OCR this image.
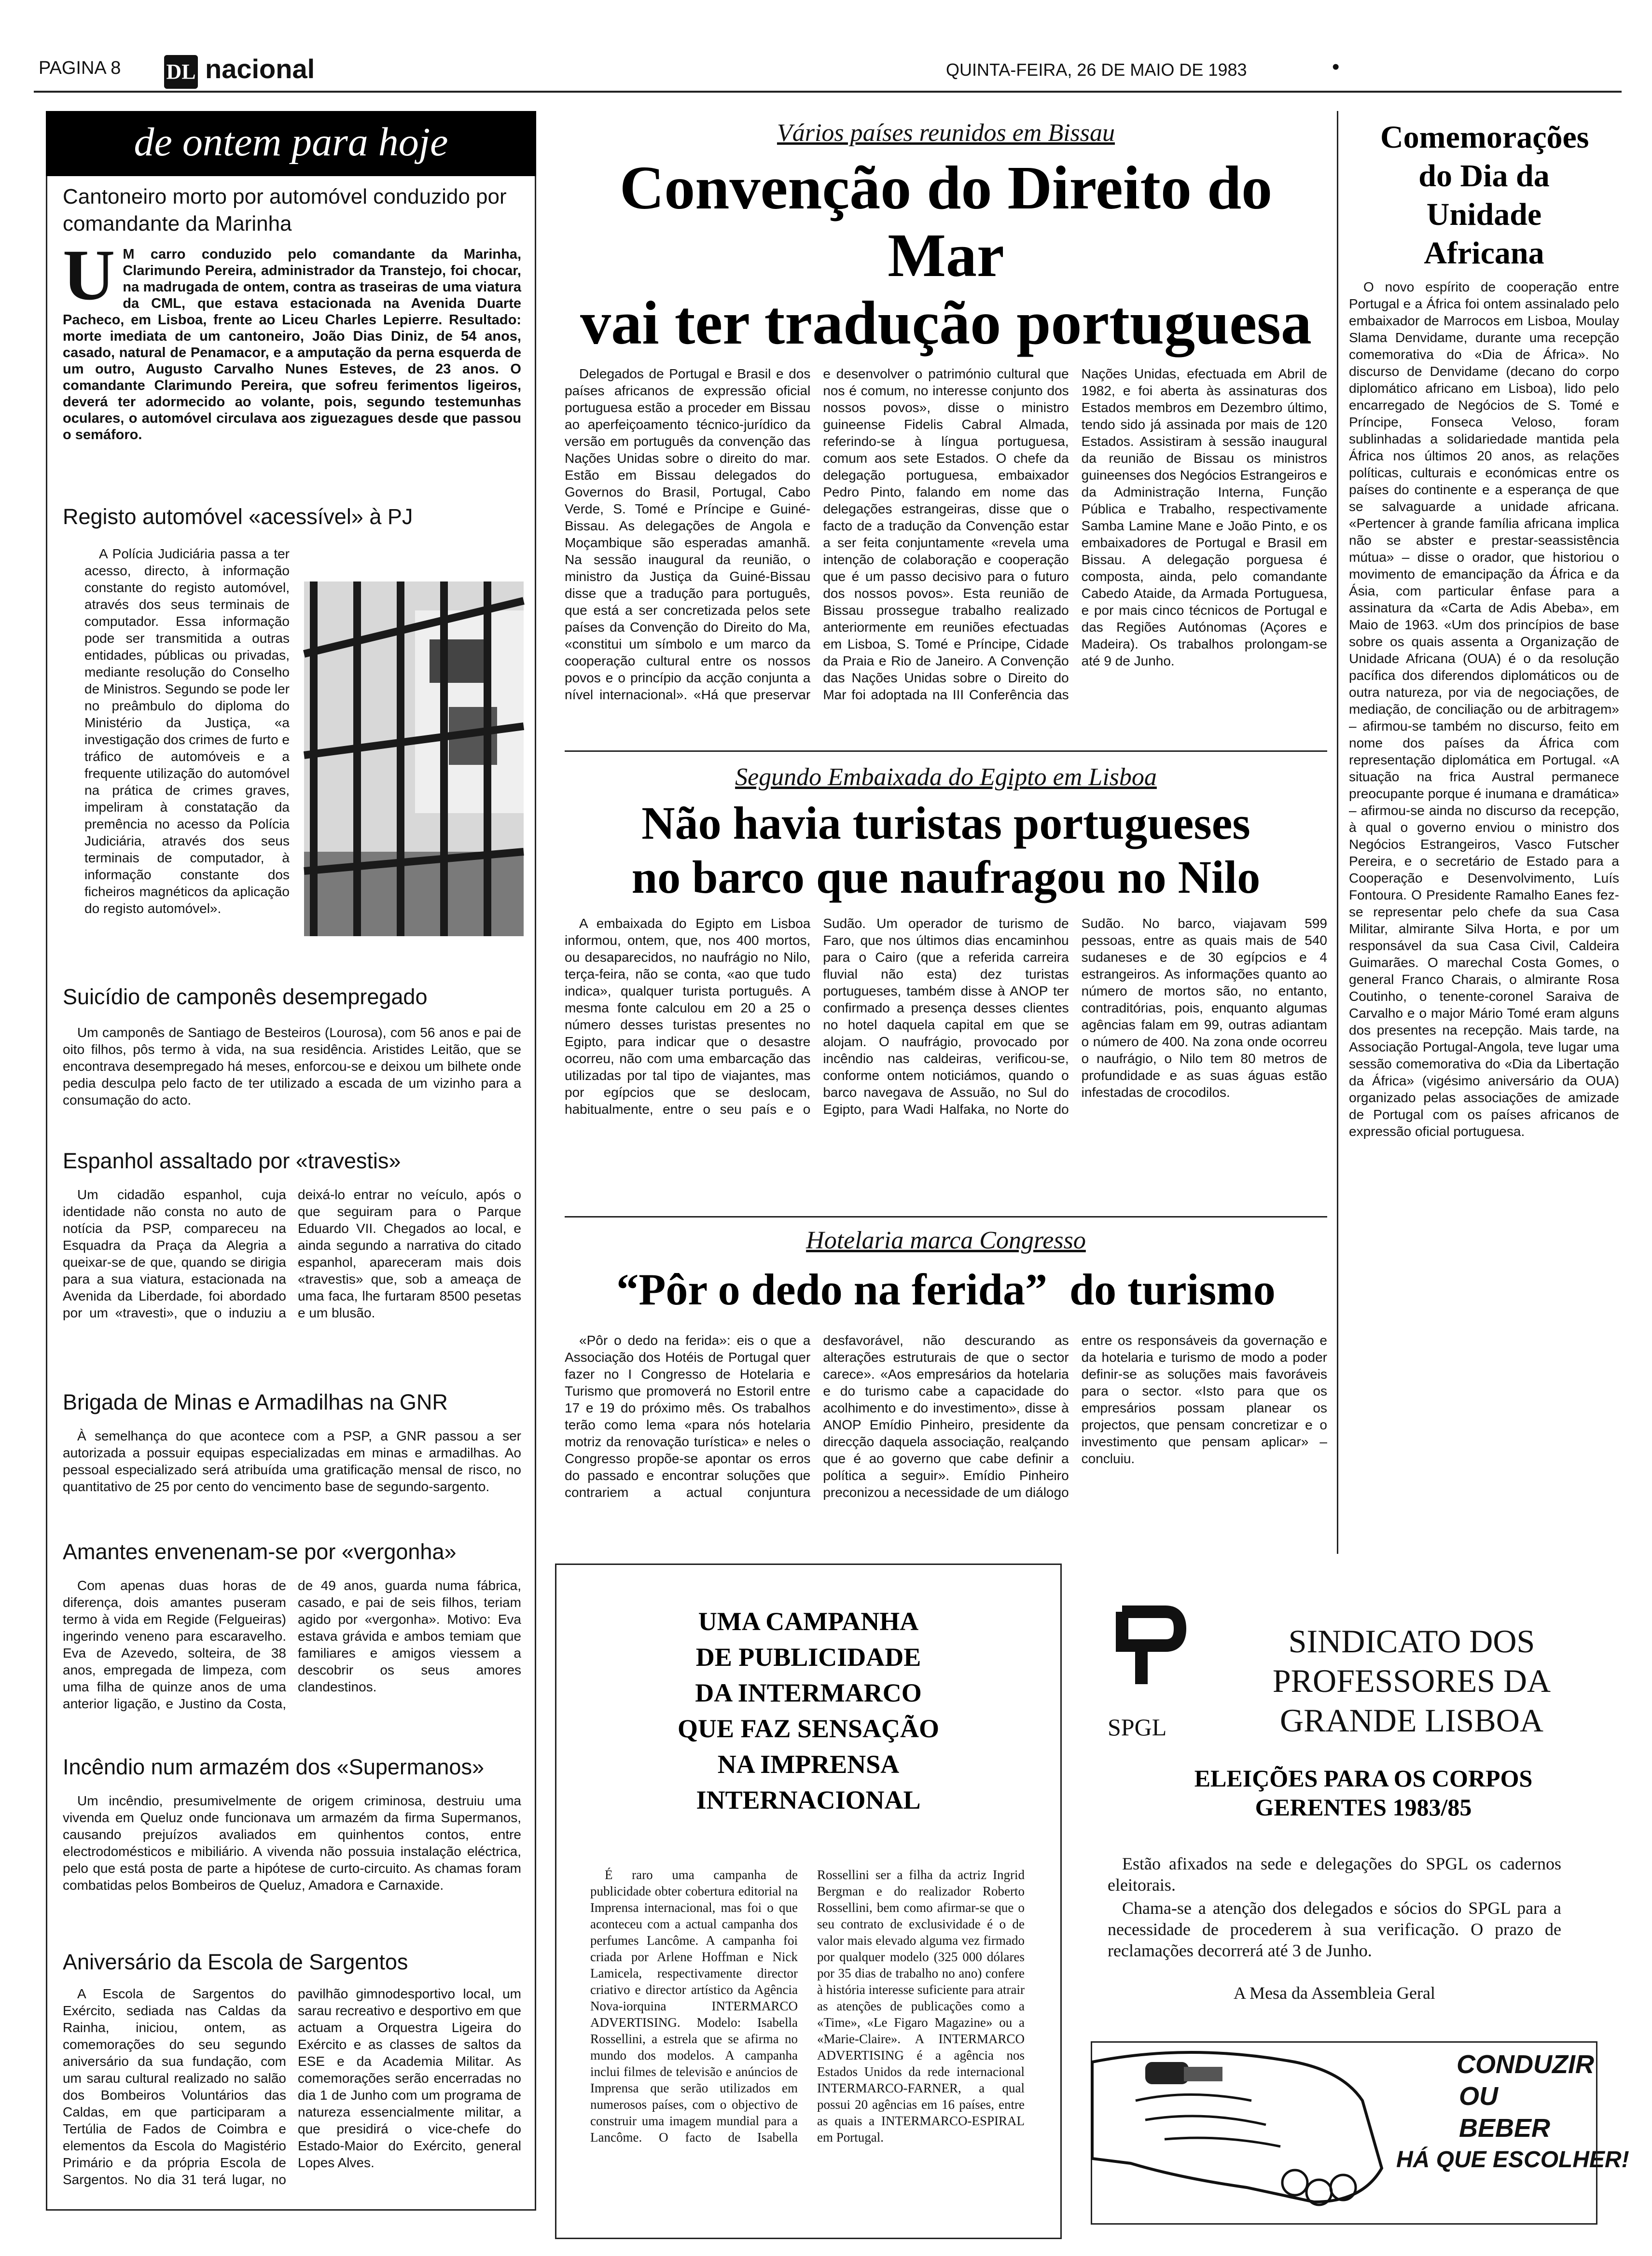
PAGINA 8 DL nacional	QUINTA-FEIRA, 26 DE MAIO DE 1983	•
de ontem para hoje

Cantoneiro morto por automóvel conduzido por comandante da Marinha

U M carro conduzido pelo comandante da Marinha, Clarimundo Pereira, administrador da Transtejo, foi chocar, na madrugada de ontem, contra as traseiras de uma viatura da CML, que estava estacionada na Avenida Duarte Pacheco, em Lisboa, frente ao Liceu Charles Lepierre. Resultado: morte imediata de um cantoneiro, João Dias Diniz, de 54 anos, casado, natural de Penamacor, e a amputação da perna esquerda de um outro, Augusto Carvalho Nunes Esteves, de 23 anos. O comandante Clarimundo Pereira, que sofreu ferimentos ligeiros, deverá ter adormecido ao volante, pois, segundo testemunhas oculares, o automóvel circulava aos ziguezagues desde que passou o semáforo.

Registo automóvel «acessível» à PJ

A Polícia Judiciária passa a ter acesso, directo, à informação constante do registo automóvel, através dos seus terminais de computador. Essa informação pode ser transmitida a outras entidades, públicas ou privadas, mediante resolução do Conselho de Ministros. Segundo se pode ler no preâmbulo do diploma do Ministério da Justiça, «a investigação dos crimes de furto e tráfico de automóveis e a frequente utilização do automóvel na prática de crimes graves, impeliram à constatação da premência no acesso da Polícia Judiciária, através dos seus terminais de computador, à informação constante dos ficheiros magnéticos da aplicação do registo automóvel».

Suicídio de camponês desempregado

Um camponês de Santiago de Besteiros (Lourosa), com 56 anos e pai de oito filhos, pôs termo à vida, na sua residência. Aristides Leitão, que se encontrava desempregado há meses, enforcou-se e deixou um bilhete onde pedia desculpa pelo facto de ter utilizado a escada de um vizinho para a consumação do acto.

Espanhol assaltado por «travestis»

Um cidadão espanhol, cuja identidade não consta no auto de notícia da PSP, compareceu na Esquadra da Praça da Alegria a queixar-se de que, quando se dirigia para a sua viatura, estacionada na Avenida da Liberdade, foi abordado por um «travesti», que o induziu a deixá-lo entrar no veículo, após o que seguiram para o Parque Eduardo VII. Chegados ao local, e ainda segundo a narrativa do citado espanhol, apareceram mais dois «travestis» que, sob a ameaça de uma faca, lhe furtaram 8500 pesetas e um blusão.

Brigada de Minas e Armadilhas na GNR

À semelhança do que acontece com a PSP, a GNR passou a ser autorizada a possuir equipas especializadas em minas e armadilhas. Ao pessoal especializado será atribuída uma gratificação mensal de risco, no quantitativo de 25 por cento do vencimento base de segundo-sargento.

Amantes envenenam-se por «vergonha»

Com apenas duas horas de diferença, dois amantes puseram termo à vida em Regide (Felgueiras) ingerindo veneno para escaravelho. Eva de Azevedo, solteira, de 38 anos, empregada de limpeza, com uma filha de quinze anos de uma anterior ligação, e Justino da Costa, de 49 anos, guarda numa fábrica, casado, e pai de seis filhos, teriam agido por «vergonha». Motivo: Eva estava grávida e ambos temiam que familiares e amigos viessem a descobrir os seus amores clandestinos.

Incêndio num armazém dos «Supermanos»

Um incêndio, presumivelmente de origem criminosa, destruiu uma vivenda em Queluz onde funcionava um armazém da firma Supermanos, causando prejuízos avaliados em quinhentos contos, entre electrodomésticos e mibiliário. A vivenda não possuia instalação eléctrica, pelo que está posta de parte a hipótese de curto-circuito. As chamas foram combatidas pelos Bombeiros de Queluz, Amadora e Carnaxide.

Aniversário da Escola de Sargentos

A Escola de Sargentos do Exército, sediada nas Caldas da Rainha, iniciou, ontem, as comemorações do seu segundo aniversário da sua fundação, com um sarau cultural realizado no salão dos Bombeiros Voluntários das Caldas, em que participaram a Tertúlia de Fados de Coimbra e elementos da Escola do Magistério Primário e da própria Escola de Sargentos. No dia 31 terá lugar, no pavilhão gimnodesportivo local, um sarau recreativo e desportivo em que actuam a Orquestra Ligeira do Exército e as classes de saltos da ESE e da Academia Militar. As comemorações serão encerradas no dia 1 de Junho com um programa de natureza essencialmente militar, a que presidirá o vice-chefe do Estado-Maior do Exército, general Lopes Alves.

Vários países reunidos em Bissau

Convenção do Direito do Mar

vai ter tradução portuguesa

Delegados de Portugal e Brasil e dos países africanos de expressão oficial portuguesa estão a proceder em Bissau ao aperfeiçoamento técnico-jurídico da versão em português da convenção das Nações Unidas sobre o direito do mar. Estão em Bissau delegados do Governos do Brasil, Portugal, Cabo Verde, S. Tomé e Príncipe e Guiné-Bissau. As delegações de Angola e Moçambique são esperadas amanhã. Na sessão inaugural da reunião, o ministro da Justiça da Guiné-Bissau disse que a tradução para português, que está a ser concretizada pelos sete países da Convenção do Direito do Ma, «constitui um símbolo e um marco da cooperação cultural entre os nossos povos e o princípio da acção conjunta a nível internacional». «Há que preservar e desenvolver o património cultural que nos é comum, no interesse conjunto dos nossos povos», disse o ministro guineense Fidelis Cabral Almada, referindo-se à língua portuguesa, comum aos sete Estados. O chefe da delegação portuguesa, embaixador Pedro Pinto, falando em nome das delegações estrangeiras, disse que o facto de a tradução da Convenção estar a ser feita conjuntamente «revela uma intenção de colaboração e cooperação que é um passo decisivo para o futuro dos nossos povos». Esta reunião de Bissau prossegue trabalho realizado anteriormente em reuniões efectuadas em Lisboa, S. Tomé e Príncipe, Cidade da Praia e Rio de Janeiro. A Convenção das Nações Unidas sobre o Direito do Mar foi adoptada na III Conferência das Nações Unidas, efectuada em Abril de 1982, e foi aberta às assinaturas dos Estados membros em Dezembro último, tendo sido já assinada por mais de 120 Estados. Assistiram à sessão inaugural da reunião de Bissau os ministros guineenses dos Negócios Estrangeiros e da Administração Interna, Função Pública e Trabalho, respectivamente Samba Lamine Mane e João Pinto, e os embaixadores de Portugal e Brasil em Bissau. A delegação porguesa é composta, ainda, pelo comandante Cabedo Ataide, da Armada Portuguesa, e por mais cinco técnicos de Portugal e das Regiões Autónomas (Açores e Madeira). Os trabalhos prolongam-se até 9 de Junho.

Segundo Embaixada do Egipto em Lisboa

Não havia turistas portugueses

no barco que naufragou no Nilo

A embaixada do Egipto em Lisboa informou, ontem, que, nos 400 mortos, ou desaparecidos, no naufrágio no Nilo, terça-feira, não se conta, «ao que tudo indica», qualquer turista português. A mesma fonte calculou em 20 a 25 o número desses turistas presentes no Egipto, para indicar que o desastre ocorreu, não com uma embarcação das utilizadas por tal tipo de viajantes, mas por egípcios que se deslocam, habitualmente, entre o seu país e o Sudão. Um operador de turismo de Faro, que nos últimos dias encaminhou para o Cairo (que a referida carreira fluvial não esta) dez turistas portugueses, também disse à ANOP ter confirmado a presença desses clientes no hotel daquela capital em que se alojam. O naufrágio, provocado por incêndio nas caldeiras, verificou-se, conforme ontem noticiámos, quando o barco navegava de Assuão, no Sul do Egipto, para Wadi Halfaka, no Norte do Sudão. No barco, viajavam 599 pessoas, entre as quais mais de 540 sudaneses e de 30 egípcios e 4 estrangeiros. As informações quanto ao número de mortos são, no entanto, contraditórias, pois, enquanto algumas agências falam em 99, outras adiantam o número de 400. Na zona onde ocorreu o naufrágio, o Nilo tem 80 metros de profundidade e as suas águas estão infestadas de crocodilos.

Hotelaria marca Congresso

“Pôr o dedo na ferida”  do turismo

«Pôr o dedo na ferida»: eis o que a Associação dos Hotéis de Portugal quer fazer no I Congresso de Hotelaria e Turismo que promoverá no Estoril entre 17 e 19 do próximo mês. Os trabalhos terão como lema «para nós hotelaria motriz da renovação turística» e neles o Congresso propõe-se apontar os erros do passado e encontrar soluções que contrariem a actual conjuntura desfavorável, não descurando as alterações estruturais de que o sector carece». «Aos empresários da hotelaria e do turismo cabe a capacidade do acolhimento e do investimento», disse à ANOP Emídio Pinheiro, presidente da direcção daquela associação, realçando que é ao governo que cabe definir a política a seguir». Emídio Pinheiro preconizou a necessidade de um diálogo entre os responsáveis da governação e da hotelaria e turismo de modo a poder definir-se as soluções mais favoráveis para o sector. «Isto para que os empresários possam planear os projectos, que pensam concretizar e o investimento que pensam aplicar» – concluiu.

Comemorações do Dia da Unidade Africana

O novo espírito de cooperação entre Portugal e a África foi ontem assinalado pelo embaixador de Marrocos em Lisboa, Moulay Slama Denvidame, durante uma recepção comemorativa do «Dia de África». No discurso de Denvidame (decano do corpo diplomático africano em Lisboa), lido pelo encarregado de Negócios de S. Tomé e Príncipe, Fonseca Veloso, foram sublinhadas a solidariedade mantida pela África nos últimos 20 anos, as relações políticas, culturais e económicas entre os países do continente e a esperança de que se salvaguarde a unidade africana. «Pertencer à grande família africana implica não se abster e prestar-seassistência mútua» – disse o orador, que historiou o movimento de emancipação da África e da Ásia, com particular ênfase para a assinatura da «Carta de Adis Abeba», em Maio de 1963. «Um dos princípios de base sobre os quais assenta a Organização de Unidade Africana (OUA) é o da resolução pacífica dos diferendos diplomáticos ou de outra natureza, por via de negociações, de mediação, de conciliação ou de arbitragem» – afirmou-se também no discurso, feito em nome dos países da África com representação diplomática em Portugal. «A situação na frica Austral permanece preocupante porque é inumana e dramática» – afirmou-se ainda no discurso da recepção, à qual o governo enviou o ministro dos Negócios Estrangeiros, Vasco Futscher Pereira, e o secretário de Estado para a Cooperação e Desenvolvimento, Luís Fontoura. O Presidente Ramalho Eanes fez-se representar pelo chefe da sua Casa Militar, almirante Silva Horta, e por um responsável da sua Casa Civil, Caldeira Guimarães. O marechal Costa Gomes, o general Franco Charais, o almirante Rosa Coutinho, o tenente-coronel Saraiva de Carvalho e o major Mário Tomé eram alguns dos presentes na recepção. Mais tarde, na Associação Portugal-Angola, teve lugar uma sessão comemorativa do «Dia da Libertação da África» (vigésimo aniversário da OUA) organizado pelas associações de amizade de Portugal com os países africanos de expressão oficial portuguesa.

UMA CAMPANHA

DE PUBLICIDADE

DA INTERMARCO

QUE FAZ SENSAÇÃO

NA IMPRENSA

INTERNACIONAL

É raro uma campanha de publicidade obter cobertura editorial na Imprensa internacional, mas foi o que aconteceu com a actual campanha dos perfumes Lancôme. A campanha foi criada por Arlene Hoffman e Nick Lamicela, respectivamente director criativo e director artístico da Agência Nova-iorquina INTERMARCO ADVERTISING. Modelo: Isabella Rossellini, a estrela que se afirma no mundo dos modelos. A campanha inclui filmes de televisão e anúncios de Imprensa que serão utilizados em numerosos países, com o objectivo de construir uma imagem mundial para a Lancôme. O facto de Isabella Rossellini ser a filha da actriz Ingrid Bergman e do realizador Roberto Rossellini, bem como afirmar-se que o seu contrato de exclusividade é o de valor mais elevado alguma vez firmado por qualquer modelo (325 000 dólares por 35 dias de trabalho no ano) confere à história interesse suficiente para atrair as atenções de publicações como a «Time», «Le Figaro Magazine» ou a «Marie-Claire». A INTERMARCO ADVERTISING é a agência nos Estados Unidos da rede internacional INTERMARCO-FARNER, a qual possui 20 agências em 16 países, entre as quais a INTERMARCO-ESPIRAL em Portugal.

SPGL

SINDICATO DOS

PROFESSORES DA

GRANDE LISBOA

ELEIÇÕES PARA OS CORPOS

GERENTES 1983/85

Estão afixados na sede e delegações do SPGL os cadernos eleitorais.

Chama-se a atenção dos delegados e sócios do SPGL para a necessidade de procederem à sua verificação. O prazo de reclamações decorrerá até 3 de Junho.

A Mesa da Assembleia Geral

CONDUZIR

OU

BEBER

HÁ QUE ESCOLHER!
